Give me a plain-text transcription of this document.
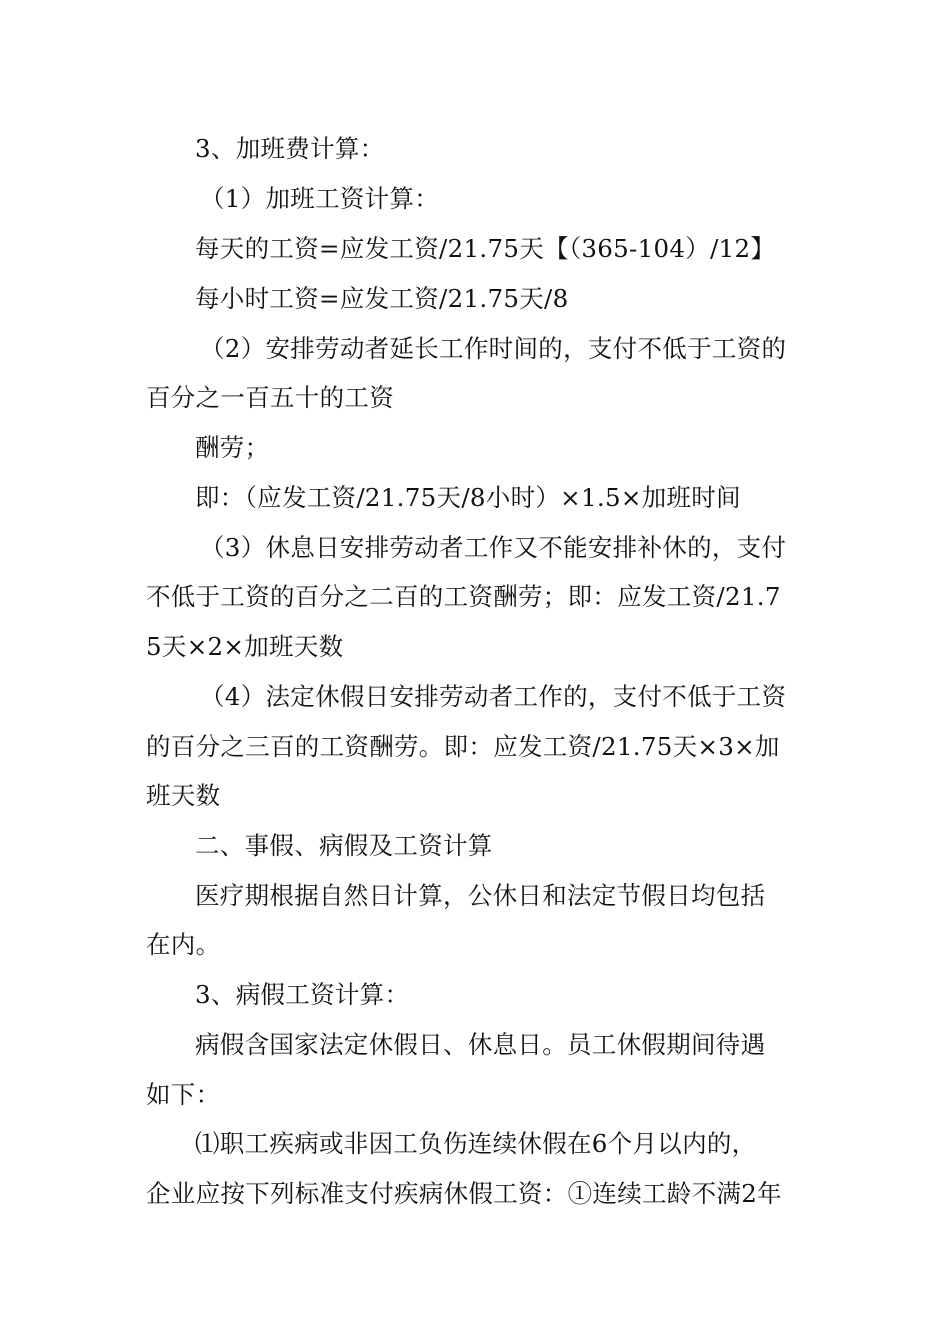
3、加班费计算：
（1）加班工资计算：
每天的工资=应发工资/21.75天【（365-104）/12】
每小时工资=应发工资/21.75天/8
（2）安排劳动者延长工作时间的，支付不低于工资的
百分之一百五十的工资
酬劳；
即：（应发工资/21.75天/8小时）×1.5×加班时间
（3）休息日安排劳动者工作又不能安排补休的，支付
不低于工资的百分之二百的工资酬劳；即：应发工资/21.7
5天×2×加班天数
（4）法定休假日安排劳动者工作的，支付不低于工资
的百分之三百的工资酬劳。即：应发工资/21.75天×3×加
班天数
二、事假、病假及工资计算
医疗期根据自然日计算，公休日和法定节假日均包括
在内。
3、病假工资计算：
病假含国家法定休假日、休息日。员工休假期间待遇
如下：
⑴职工疾病或非因工负伤连续休假在6个月以内的，
企业应按下列标准支付疾病休假工资：①连续工龄不满2年
